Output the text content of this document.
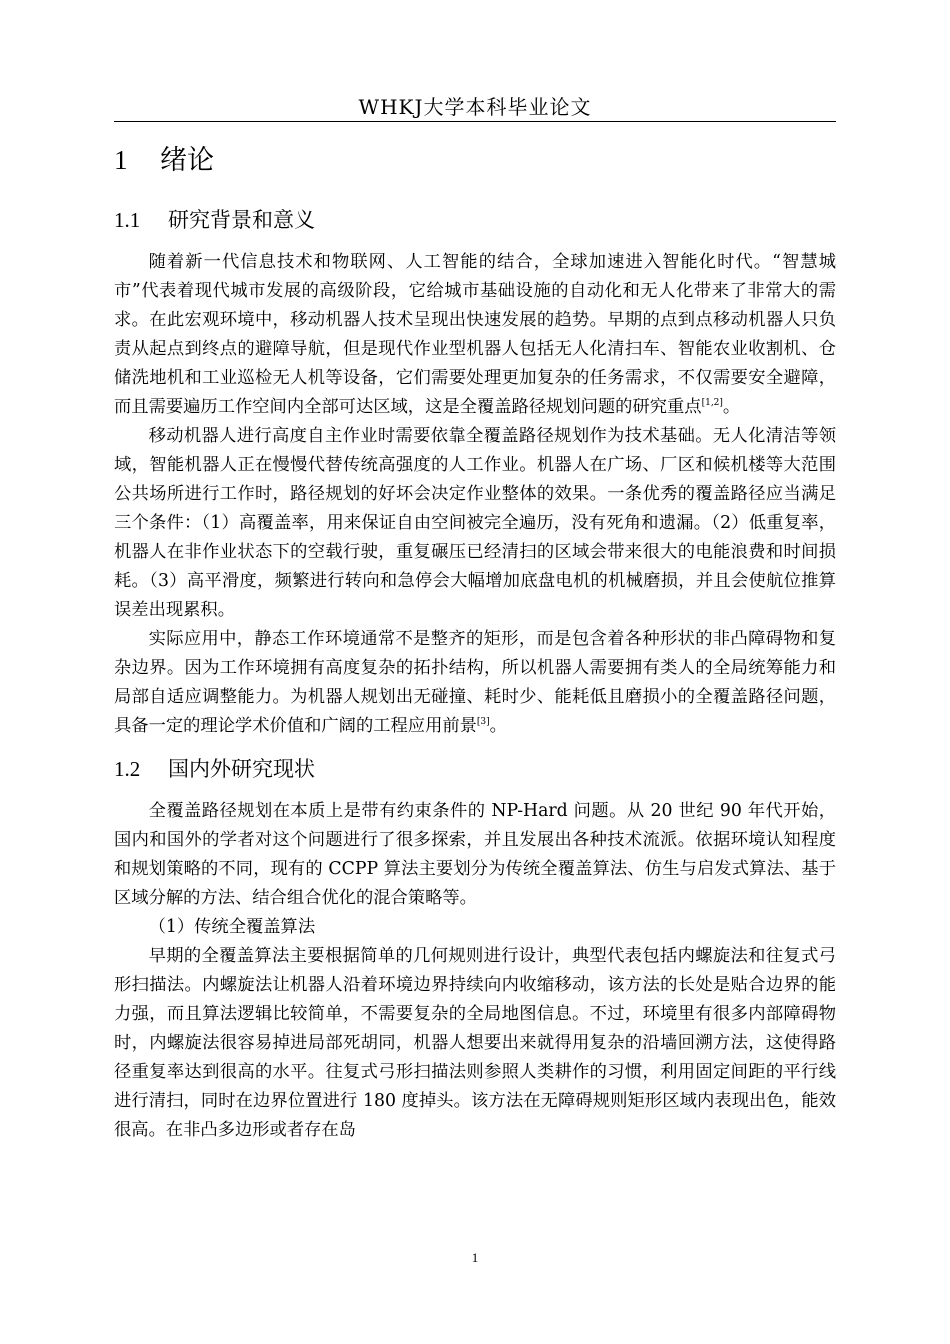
WHKJ大学本科毕业论文
1 绪论
1.1 研究背景和意义

随着新一代信息技术和物联网、人工智能的结合，全球加速进入智能化时代。“智慧城市”代表着现代城市发展的高级阶段，它给城市基础设施的自动化和无人化带来了非常大的需求。在此宏观环境中，移动机器人技术呈现出快速发展的趋势。早期的点到点移动机器人只负责从起点到终点的避障导航，但是现代作业型机器人包括无人化清扫车、智能农业收割机、仓储洗地机和工业巡检无人机等设备，它们需要处理更加复杂的任务需求，不仅需要安全避障，而且需要遍历工作空间内全部可达区域，这是全覆盖路径规划问题的研究重点[1,2]。

移动机器人进行高度自主作业时需要依靠全覆盖路径规划作为技术基础。无人化清洁等领域，智能机器人正在慢慢代替传统高强度的人工作业。机器人在广场、厂区和候机楼等大范围公共场所进行工作时，路径规划的好坏会决定作业整体的效果。一条优秀的覆盖路径应当满足三个条件：（1）高覆盖率，用来保证自由空间被完全遍历，没有死角和遗漏。（2）低重复率，机器人在非作业状态下的空载行驶，重复碾压已经清扫的区域会带来很大的电能浪费和时间损耗。（3）高平滑度，频繁进行转向和急停会大幅增加底盘电机的机械磨损，并且会使航位推算误差出现累积。

实际应用中，静态工作环境通常不是整齐的矩形，而是包含着各种形状的非凸障碍物和复杂边界。因为工作环境拥有高度复杂的拓扑结构，所以机器人需要拥有类人的全局统筹能力和局部自适应调整能力。为机器人规划出无碰撞、耗时少、能耗低且磨损小的全覆盖路径问题，具备一定的理论学术价值和广阔的工程应用前景[3]。

1.2 国内外研究现状

全覆盖路径规划在本质上是带有约束条件的 NP-Hard 问题。从 20 世纪 90 年代开始，国内和国外的学者对这个问题进行了很多探索，并且发展出各种技术流派。依据环境认知程度和规划策略的不同，现有的 CCPP 算法主要划分为传统全覆盖算法、仿生与启发式算法、基于区域分解的方法、结合组合优化的混合策略等。

（1）传统全覆盖算法

早期的全覆盖算法主要根据简单的几何规则进行设计，典型代表包括内螺旋法和往复式弓形扫描法。内螺旋法让机器人沿着环境边界持续向内收缩移动，该方法的长处是贴合边界的能力强，而且算法逻辑比较简单，不需要复杂的全局地图信息。不过，环境里有很多内部障碍物时，内螺旋法很容易掉进局部死胡同，机器人想要出来就得用复杂的沿墙回溯方法，这使得路径重复率达到很高的水平。往复式弓形扫描法则参照人类耕作的习惯，利用固定间距的平行线进行清扫，同时在边界位置进行 180 度掉头。该方法在无障碍规则矩形区域内表现出色，能效很高。在非凸多边形或者存在岛

1
